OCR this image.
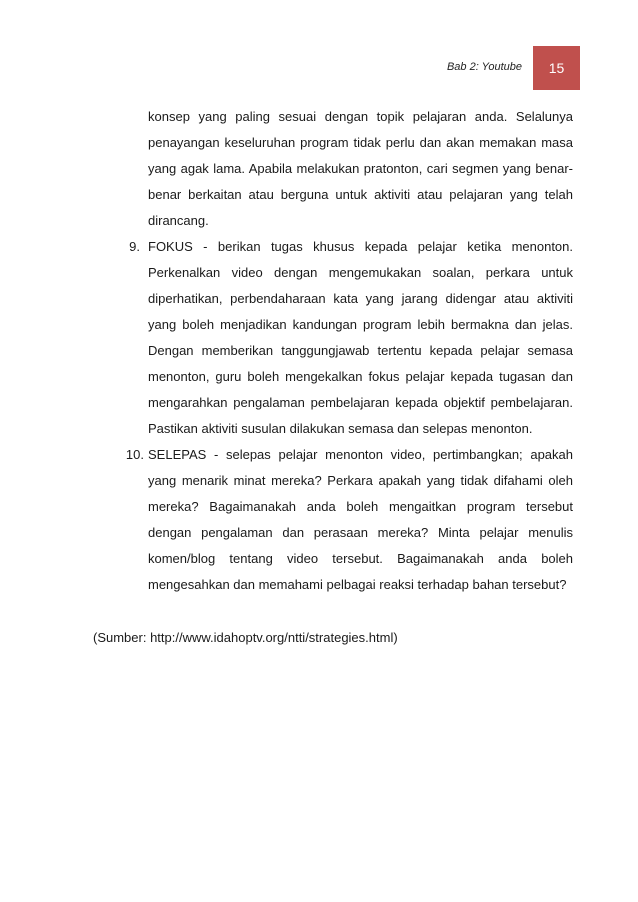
Bab 2: Youtube 15
konsep yang paling sesuai dengan topik pelajaran anda. Selalunya penayangan keseluruhan program tidak perlu dan akan memakan masa yang agak lama. Apabila melakukan pratonton, cari segmen yang benar-benar berkaitan atau berguna untuk aktiviti atau pelajaran yang telah dirancang.
9. FOKUS - berikan tugas khusus kepada pelajar ketika menonton. Perkenalkan video dengan mengemukakan soalan, perkara untuk diperhatikan, perbendaharaan kata yang jarang didengar atau aktiviti yang boleh menjadikan kandungan program lebih bermakna dan jelas. Dengan memberikan tanggungjawab tertentu kepada pelajar semasa menonton, guru boleh mengekalkan fokus pelajar kepada tugasan dan mengarahkan pengalaman pembelajaran kepada objektif pembelajaran. Pastikan aktiviti susulan dilakukan semasa dan selepas menonton.
10. SELEPAS - selepas pelajar menonton video, pertimbangkan; apakah yang menarik minat mereka? Perkara apakah yang tidak difahami oleh mereka? Bagaimanakah anda boleh mengaitkan program tersebut dengan pengalaman dan perasaan mereka? Minta pelajar menulis komen/blog tentang video tersebut. Bagaimanakah anda boleh mengesahkan dan memahami pelbagai reaksi terhadap bahan tersebut?
(Sumber: http://www.idahoptv.org/ntti/strategies.html)
